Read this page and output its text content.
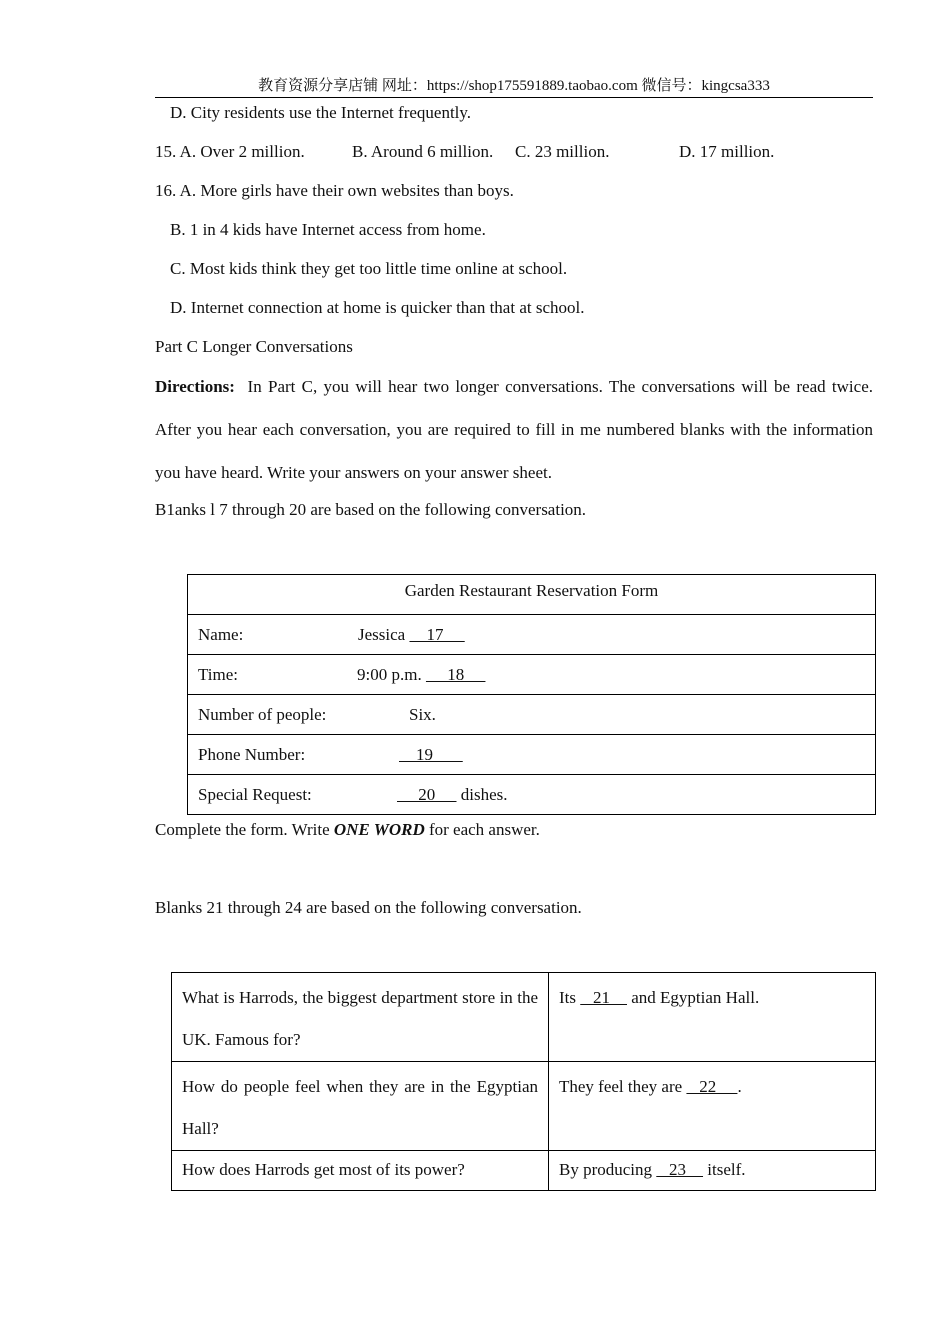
教育资源分享店铺 网址：https://shop175591889.taobao.com 微信号：kingcsa333
D. City residents use the Internet frequently.
15. A. Over 2 million.	B. Around 6 million. C. 23 million.	D. 17 million.
16. A. More girls have their own websites than boys.
B. 1 in 4 kids have Internet access from home.
C. Most kids think they get too little time online at school.
D. Internet connection at home is quicker than that at school.
Part C Longer Conversations
Directions: In Part C, you will hear two longer conversations. The conversations will be read twice. After you hear each conversation, you are required to fill in me numbered blanks with the information you have heard. Write your answers on your answer sheet.
B1anks l 7 through 20 are based on the following conversation.
Garden Restaurant Reservation Form

Name:	Jessica     17

Time:	9:00 p.m.      18

Number of people:	Six.

Phone Number:	19

Special Request:	20      dishes.
Complete the form. Write ONE WORD for each answer.
Blanks 21 through 24 are based on the following conversation.
What is Harrods, the biggest department store in the UK. Famous for?	Its    21     and Egyptian Hall.
How do people feel when they are in the Egyptian Hall?	They feel they are    22     .
How does Harrods get most of its power?	By producing    23     itself.
